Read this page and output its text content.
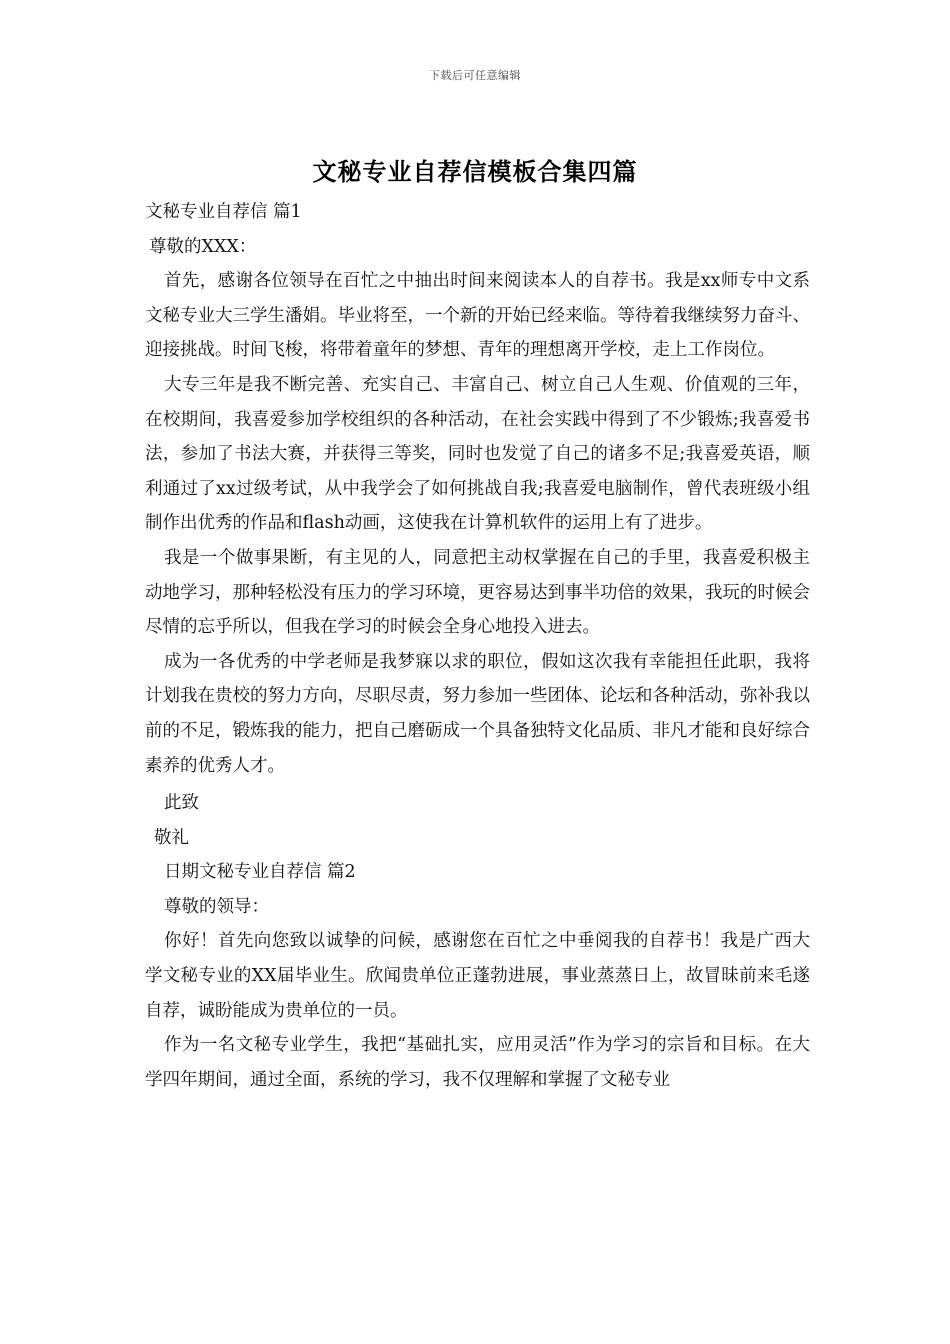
下载后可任意编辑
文秘专业自荐信模板合集四篇

文秘专业自荐信 篇1

尊敬的XXX：

首先，感谢各位领导在百忙之中抽出时间来阅读本人的自荐书。我是xx师专中文系文秘专业大三学生潘娟。毕业将至，一个新的开始已经来临。等待着我继续努力奋斗、迎接挑战。时间飞梭，将带着童年的梦想、青年的理想离开学校，走上工作岗位。

大专三年是我不断完善、充实自己、丰富自己、树立自己人生观、价值观的三年，在校期间，我喜爱参加学校组织的各种活动，在社会实践中得到了不少锻炼;我喜爱书法，参加了书法大赛，并获得三等奖，同时也发觉了自己的诸多不足;我喜爱英语，顺利通过了xx过级考试，从中我学会了如何挑战自我;我喜爱电脑制作，曾代表班级小组制作出优秀的作品和flash动画，这使我在计算机软件的运用上有了进步。

我是一个做事果断，有主见的人，同意把主动权掌握在自己的手里，我喜爱积极主动地学习，那种轻松没有压力的学习环境，更容易达到事半功倍的效果，我玩的时候会尽情的忘乎所以，但我在学习的时候会全身心地投入进去。

成为一各优秀的中学老师是我梦寐以求的职位，假如这次我有幸能担任此职，我将计划我在贵校的努力方向，尽职尽责，努力参加一些团体、论坛和各种活动，弥补我以前的不足，锻炼我的能力，把自己磨砺成一个具备独特文化品质、非凡才能和良好综合素养的优秀人才。

此致

敬礼

日期文秘专业自荐信 篇2

尊敬的领导：

你好！首先向您致以诚挚的问候，感谢您在百忙之中垂阅我的自荐书！我是广西大学文秘专业的XX届毕业生。欣闻贵单位正蓬勃进展，事业蒸蒸日上，故冒昧前来毛遂自荐，诚盼能成为贵单位的一员。

作为一名文秘专业学生，我把“基础扎实，应用灵活”作为学习的宗旨和目标。在大学四年期间，通过全面，系统的学习，我不仅理解和掌握了文秘专业
